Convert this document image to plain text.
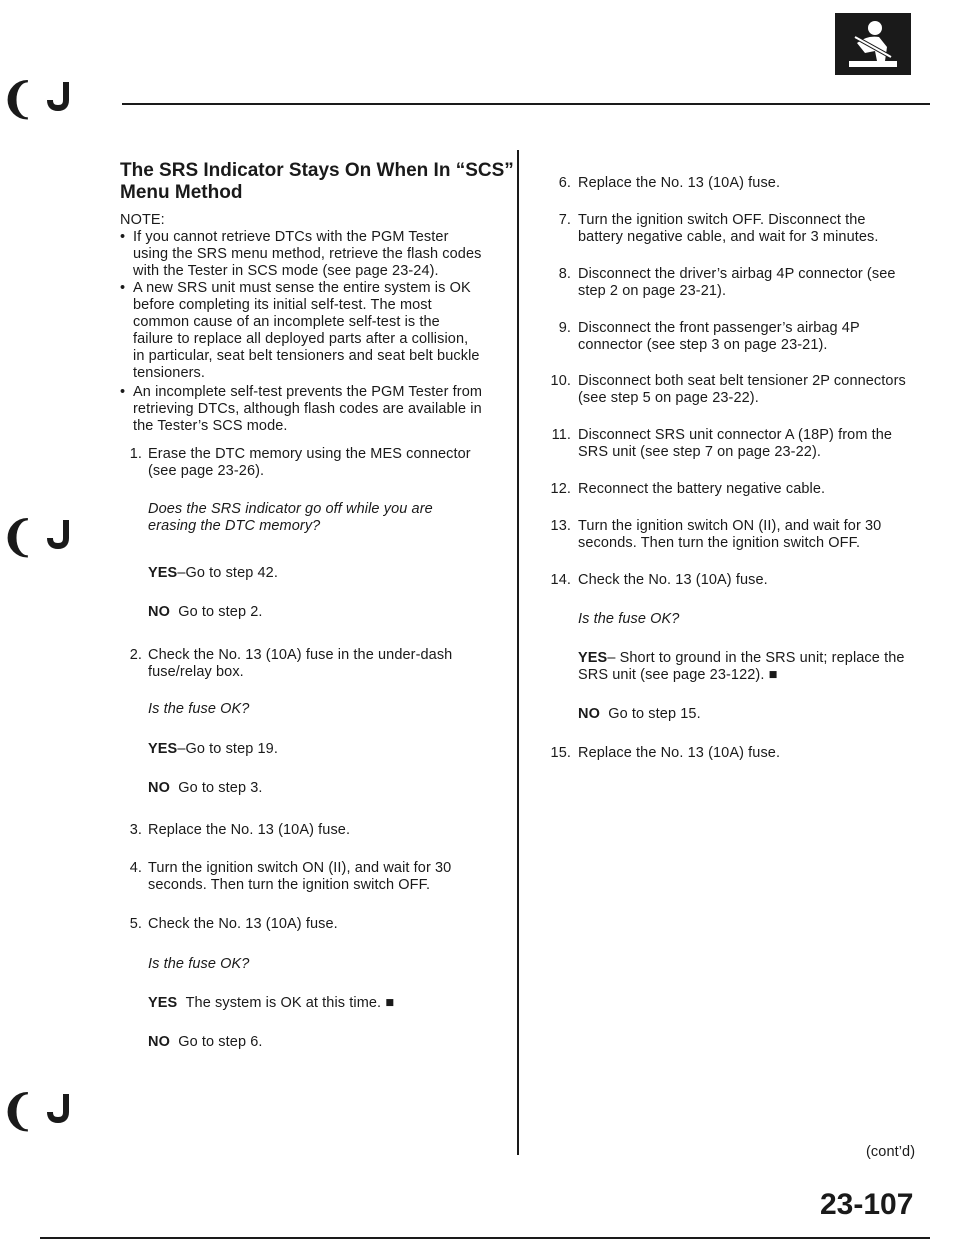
❨
❨
❨
The SRS Indicator Stays On When In “SCS”
Menu Method
NOTE:
• If you cannot retrieve DTCs with the PGM Tester
using the SRS menu method, retrieve the flash codes
with the Tester in SCS mode (see page 23-24).
• A new SRS unit must sense the entire system is OK
before completing its initial self-test. The most
common cause of an incomplete self-test is the
failure to replace all deployed parts after a collision,
in particular, seat belt tensioners and seat belt buckle
tensioners.
• An incomplete self-test prevents the PGM Tester from
retrieving DTCs, although flash codes are available in
the Tester’s SCS mode.
1. Erase the DTC memory using the MES connector
(see page 23-26).
Does the SRS indicator go off while you are
erasing the DTC memory?
YES–Go to step 42.
NO Go to step 2.
2. Check the No. 13 (10A) fuse in the under-dash
fuse/relay box.
Is the fuse OK?
YES–Go to step 19.
NO Go to step 3.
3. Replace the No. 13 (10A) fuse.
4. Turn the ignition switch ON (II), and wait for 30
seconds. Then turn the ignition switch OFF.
5. Check the No. 13 (10A) fuse.
Is the fuse OK?
YES The system is OK at this time. ■
NO Go to step 6.
6. Replace the No. 13 (10A) fuse.
7. Turn the ignition switch OFF. Disconnect the
battery negative cable, and wait for 3 minutes.
8. Disconnect the driver’s airbag 4P connector (see
step 2 on page 23-21).
9. Disconnect the front passenger’s airbag 4P
connector (see step 3 on page 23-21).
10. Disconnect both seat belt tensioner 2P connectors
(see step 5 on page 23-22).
11. Disconnect SRS unit connector A (18P) from the
SRS unit (see step 7 on page 23-22).
12. Reconnect the battery negative cable.
13. Turn the ignition switch ON (II), and wait for 30
seconds. Then turn the ignition switch OFF.
14. Check the No. 13 (10A) fuse.
Is the fuse OK?
YES– Short to ground in the SRS unit; replace the
SRS unit (see page 23-122). ■
NO Go to step 15.
15. Replace the No. 13 (10A) fuse.
(cont’d)
23-107
